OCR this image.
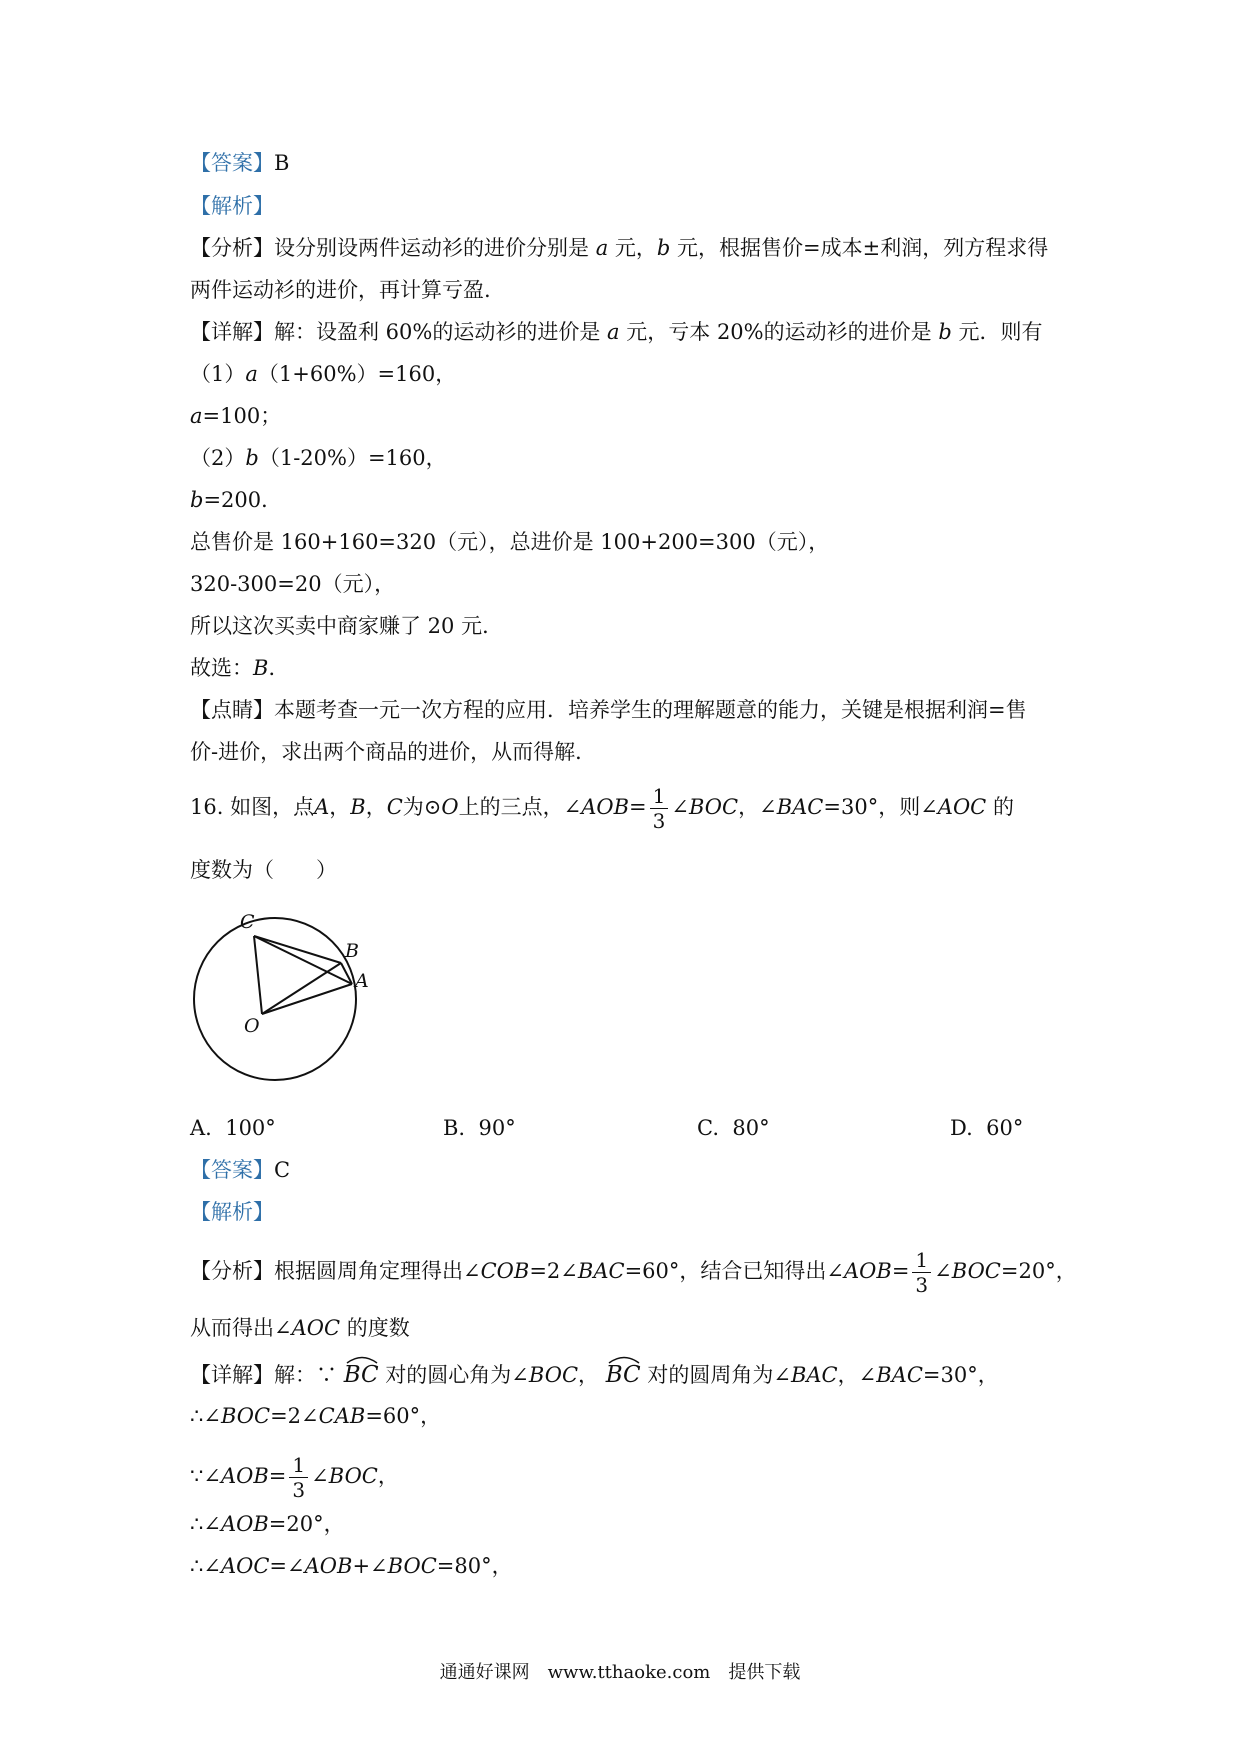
【答案】B
【解析】
【分析】设分别设两件运动衫的进价分别是 a 元，b 元，根据售价=成本±利润，列方程求得
两件运动衫的进价，再计算亏盈.
【详解】解：设盈利 60%的运动衫的进价是 a 元，亏本 20%的运动衫的进价是 b 元．则有
（1）a（1+60%）=160，
a=100；
（2）b（1-20%）=160，
b=200．
总售价是 160+160=320（元），总进价是 100+200=300（元），
320-300=20（元），
所以这次买卖中商家赚了 20 元．
故选：B．
【点睛】本题考查一元一次方程的应用．培养学生的理解题意的能力，关键是根据利润=售
价-进价，求出两个商品的进价，从而得解．
16. 如图，点A，B，C为⊙O上的三点，∠AOB= $\frac{1}{3}$ ∠BOC，∠BAC=30°，则∠AOC 的
度数为（　　）
C
B
A
O
A. 100°	B. 90°	C. 80°	D. 60°
【答案】C
【解析】
【分析】根据圆周角定理得出∠COB=2∠BAC=60°，结合已知得出∠AOB= $\frac{1}{3}$ ∠BOC=20°，
从而得出∠AOC 的度数
【详解】解：∵ BC 对的圆心角为∠BOC， BC 对的圆周角为∠BAC，∠BAC=30°，
∴∠BOC=2∠CAB=60°，
∵∠AOB= $\frac{1}{3}$ ∠BOC，
∴∠AOB=20°，
∴∠AOC=∠AOB+∠BOC=80°，
通通好课网　www.tthaoke.com　提供下载
